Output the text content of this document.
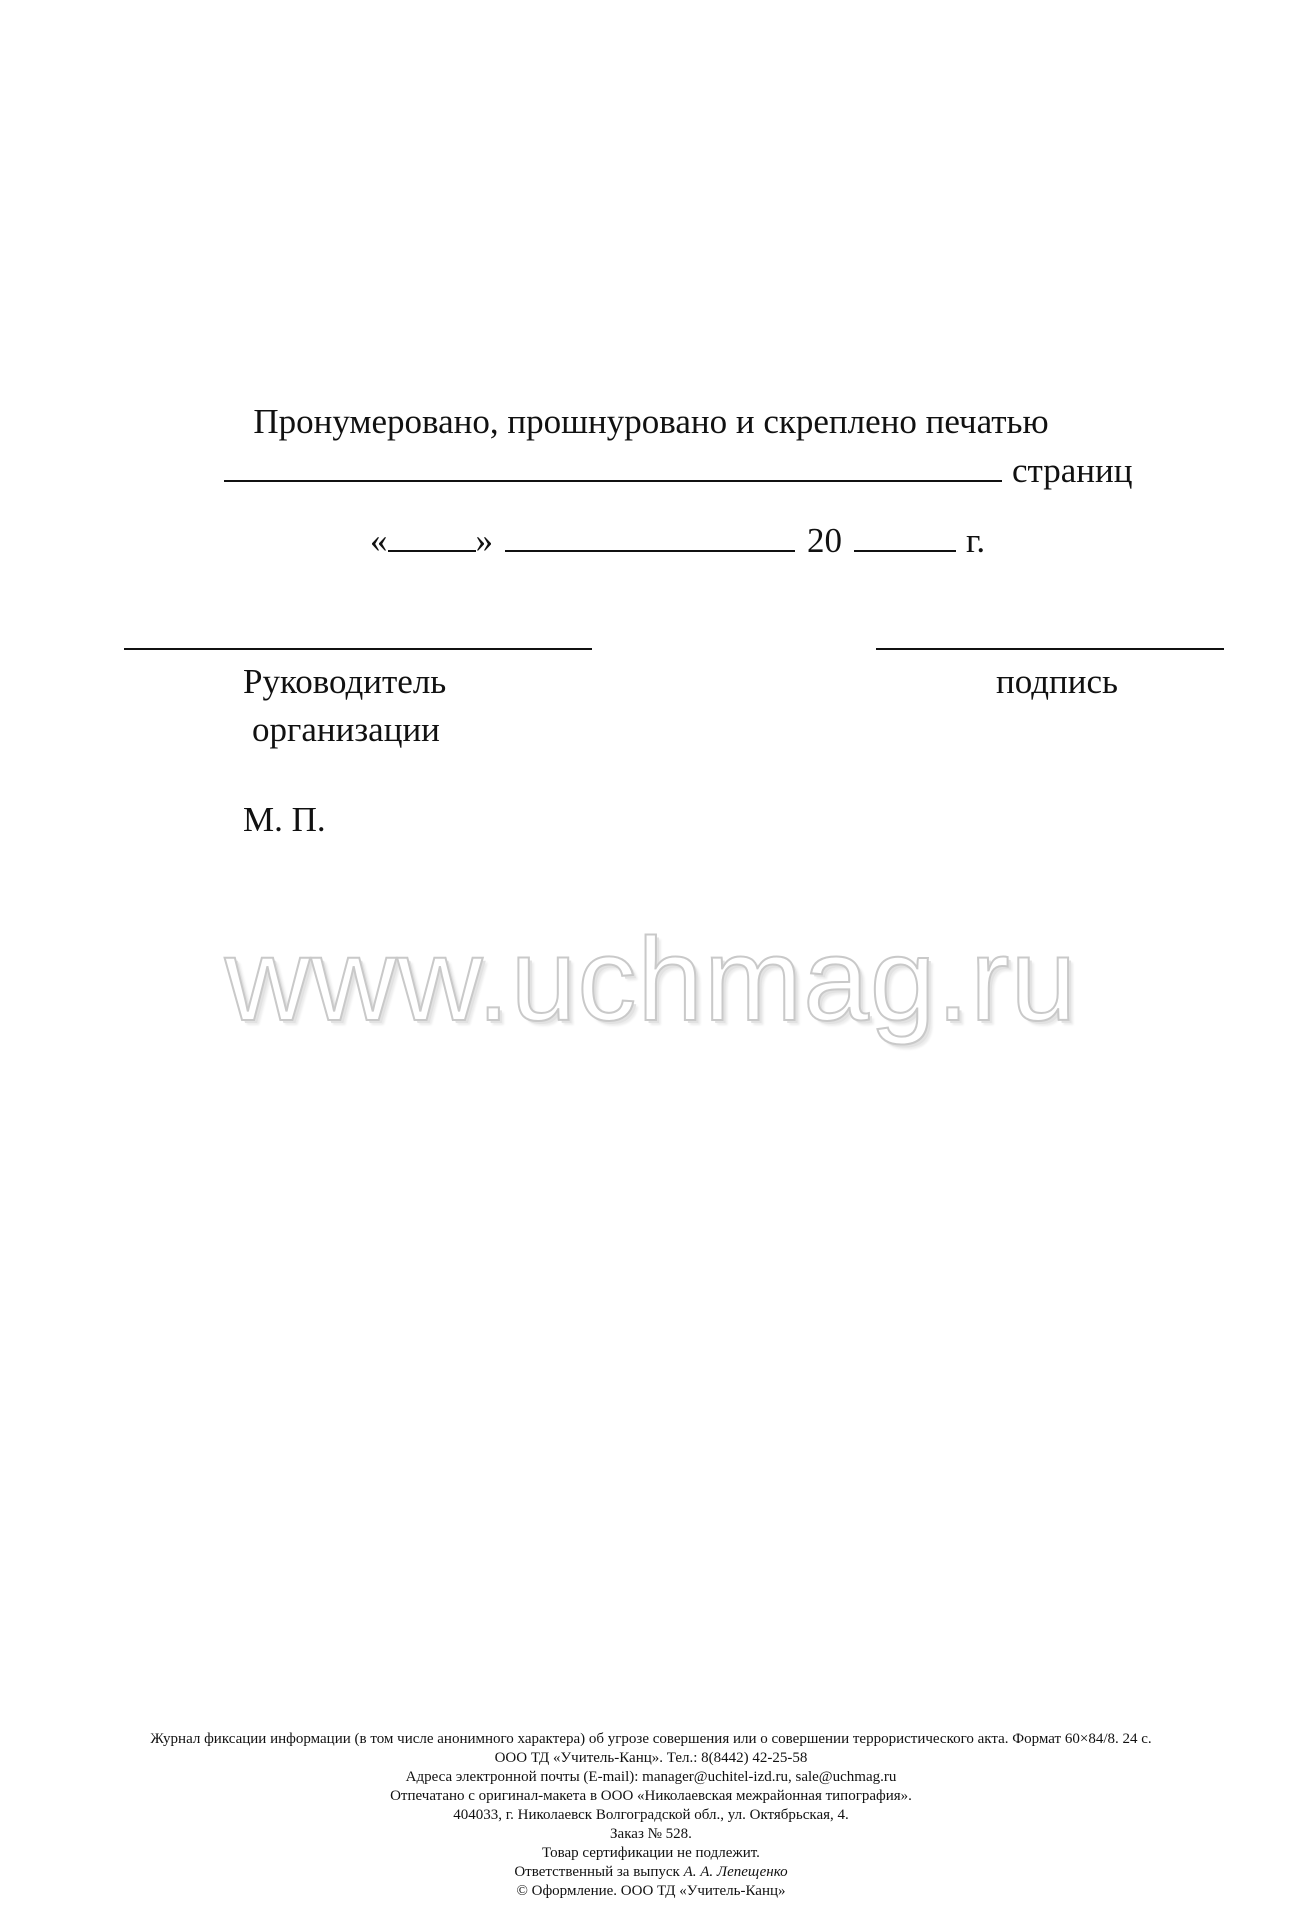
Пронумеровано, прошнуровано и скреплено печатью
страниц
«	»	20	г.
Руководитель
организации
подпись
М. П.
www.uchmag.ru
Журнал фиксации информации (в том числе анонимного характера) об угрозе совершения или о совершении террористического акта. Формат 60×84/8. 24 с.
ООО ТД «Учитель-Канц». Тел.: 8(8442) 42-25-58
Адреса электронной почты (E-mail): manager@uchitel-izd.ru, sale@uchmag.ru
Отпечатано с оригинал-макета в ООО «Николаевская межрайонная типография».
404033, г. Николаевск Волгоградской обл., ул. Октябрьская, 4.
Заказ № 528.
Товар сертификации не подлежит.
Ответственный за выпуск А. А. Лепещенко
© Оформление. ООО ТД «Учитель-Канц»
